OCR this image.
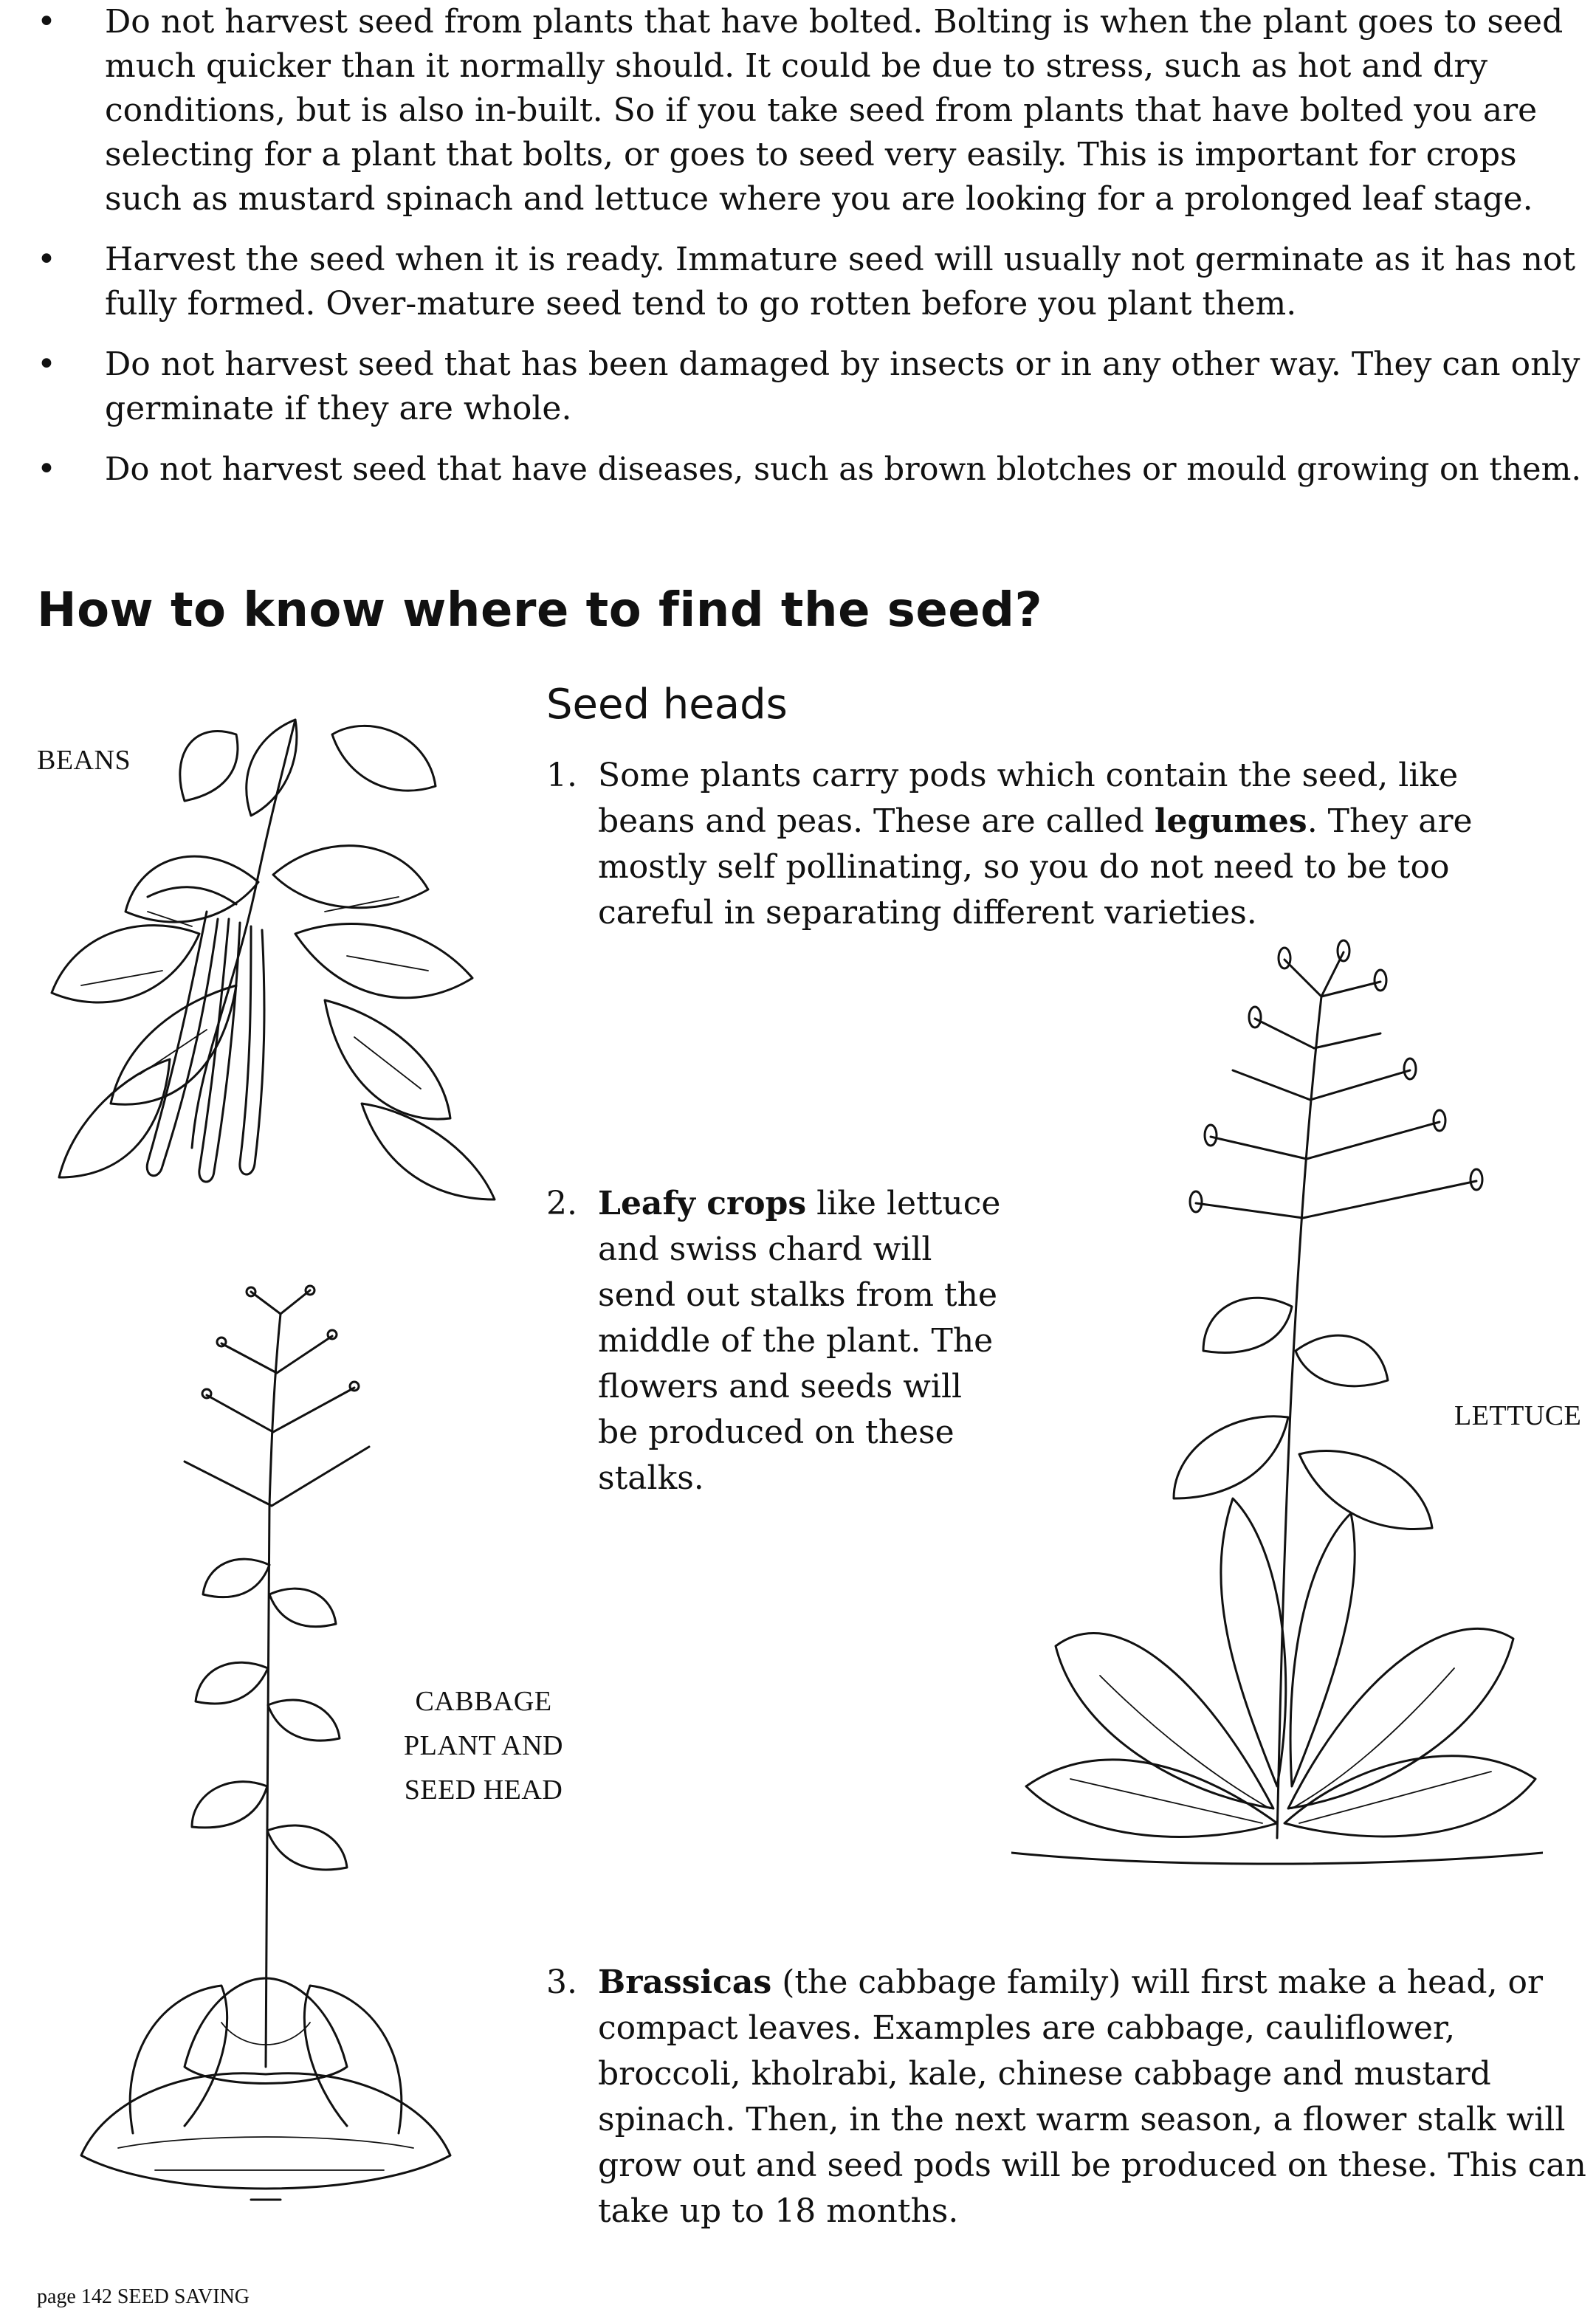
• Do not harvest seed from plants that have bolted. Bolting is when the plant goes to seed much quicker than it normally should. It could be due to stress, such as hot and dry conditions, but is also in-built. So if you take seed from plants that have bolted you are selecting for a plant that bolts, or goes to seed very easily. This is important for crops such as mustard spinach and lettuce where you are looking for a prolonged leaf stage.
• Harvest the seed when it is ready. Immature seed will usually not germinate as it has not fully formed. Over-mature seed tend to go rotten before you plant them.
• Do not harvest seed that has been damaged by insects or in any other way. They can only germinate if they are whole.
• Do not harvest seed that have diseases, such as brown blotches or mould growing on them.
How to know where to find the seed?
Seed heads

1. Some plants carry pods which contain the seed, like beans and peas. These are called legumes. They are mostly self pollinating, so you do not need to be too careful in separating different varieties.

2. Leafy crops like lettuce and swiss chard will send out stalks from the middle of the plant. The flowers and seeds will be produced on these stalks.

3. Brassicas (the cabbage family) will first make a head, or compact leaves. Examples are cabbage, cauliflower, broccoli, kholrabi, kale, chinese cabbage and mustard spinach. Then, in the next warm season, a flower stalk will grow out and seed pods will be produced on these. This can take up to 18 months.

BEANS
LETTUCE
CABBAGE
PLANT AND
SEED HEAD
page 142 SEED SAVING
